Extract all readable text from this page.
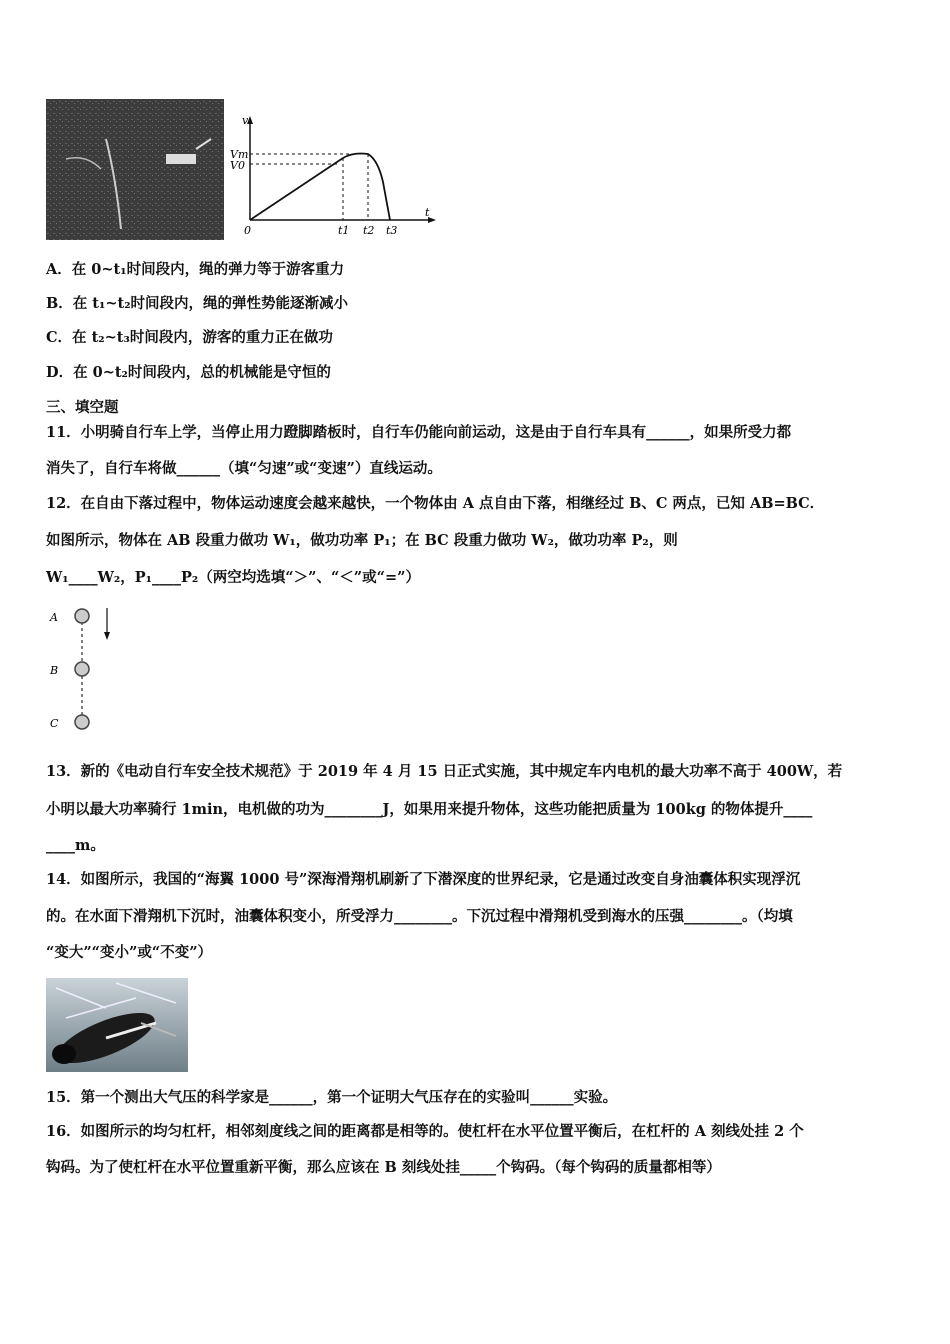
v
t
Vm
V0
0	t1 t2 t3
A．在 0~t₁时间段内，绳的弹力等于游客重力
B．在 t₁~t₂时间段内，绳的弹性势能逐渐减小
C．在 t₂~t₃时间段内，游客的重力正在做功
D．在 0~t₂时间段内，总的机械能是守恒的
三、填空题
11．小明骑自行车上学，当停止用力蹬脚踏板时，自行车仍能向前运动，这是由于自行车具有______，如果所受力都
消失了，自行车将做______（填“匀速”或“变速”）直线运动。
12．在自由下落过程中，物体运动速度会越来越快，一个物体由 A 点自由下落，相继经过 B、C 两点，已知 AB=BC．
如图所示，物体在 AB 段重力做功 W₁，做功功率 P₁；在 BC 段重力做功 W₂，做功功率 P₂，则
W₁____W₂，P₁____P₂（两空均选填“＞”、“＜”或“=”）
A
B
C
13．新的《电动自行车安全技术规范》于 2019 年 4 月 15 日正式实施，其中规定车内电机的最大功率不高于 400W，若
小明以最大功率骑行 1min，电机做的功为________J，如果用来提升物体，这些功能把质量为 100kg 的物体提升____
____m。
14．如图所示，我国的“海翼 1000 号”深海滑翔机刷新了下潜深度的世界纪录，它是通过改变自身油囊体积实现浮沉
的。在水面下滑翔机下沉时，油囊体积变小，所受浮力________。下沉过程中滑翔机受到海水的压强________。（均填
“变大”“变小”或“不变”）
15．第一个测出大气压的科学家是______，第一个证明大气压存在的实验叫______实验。
16．如图所示的均匀杠杆，相邻刻度线之间的距离都是相等的。使杠杆在水平位置平衡后，在杠杆的 A 刻线处挂 2 个
钩码。为了使杠杆在水平位置重新平衡，那么应该在 B 刻线处挂_____个钩码。（每个钩码的质量都相等）
